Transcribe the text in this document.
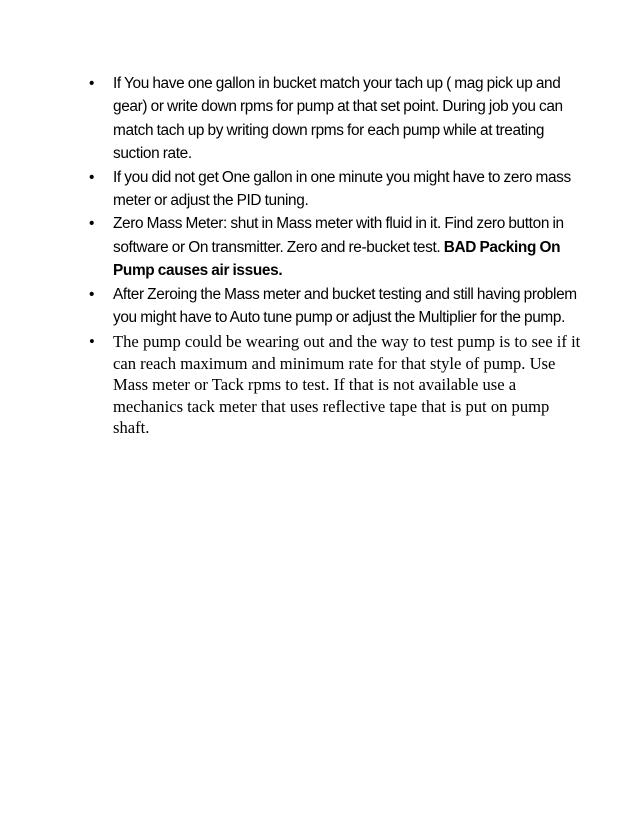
• If You have one gallon in bucket match your tach up ( mag pick up and gear) or write down rpms for pump at that set point. During job you can match tach up by writing down rpms for each pump while at treating suction rate.
• If you did not get One gallon in one minute you might have to zero mass meter or adjust the PID tuning.
• Zero Mass Meter: shut in Mass meter with fluid in it. Find zero button in software or On transmitter. Zero and re-bucket test. BAD Packing On Pump causes air issues.
• After Zeroing the Mass meter and bucket testing and still having problem you might have to Auto tune pump or adjust the Multiplier for the pump.
• The pump could be wearing out and the way to test pump is to see if it can reach maximum and minimum rate for that style of pump. Use Mass meter or Tack rpms to test. If that is not available use a mechanics tack meter that uses reflective tape that is put on pump shaft.
